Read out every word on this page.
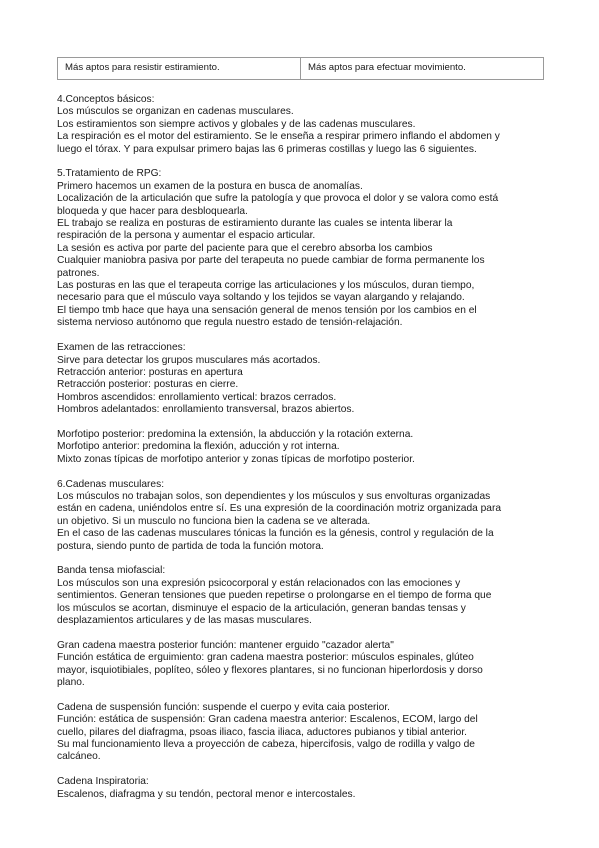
Más aptos para resistir estiramiento.	Más aptos para efectuar movimiento.
4.Conceptos básicos:
Los músculos se organizan en cadenas musculares.
Los estiramientos son siempre activos y globales y de las cadenas musculares.
La respiración es el motor del estiramiento. Se le enseña a respirar primero inflando el abdomen y
luego el tórax. Y para expulsar primero bajas las 6 primeras costillas y luego las 6 siguientes.
5.Tratamiento de RPG:
Primero hacemos un examen de la postura en busca de anomalías.
Localización de la articulación que sufre la patología y que provoca el dolor y se valora como está
bloqueda y que hacer para desbloquearla.
EL trabajo se realiza en posturas de estiramiento durante las cuales se intenta liberar la
respiración de la persona y aumentar el espacio articular.
La sesión es activa por parte del paciente para que el cerebro absorba los cambios
Cualquier maniobra pasiva por parte del terapeuta no puede cambiar de forma permanente los
patrones.
Las posturas en las que el terapeuta corrige las articulaciones y los músculos, duran tiempo,
necesario para que el músculo vaya soltando y los tejidos se vayan alargando y relajando.
El tiempo tmb hace que haya una sensación general de menos tensión por los cambios en el
sistema nervioso autónomo que regula nuestro estado de tensión-relajación.
Examen de las retracciones:
Sirve para detectar los grupos musculares más acortados.
Retracción anterior: posturas en apertura
Retracción posterior: posturas en cierre.
Hombros ascendidos: enrollamiento vertical: brazos cerrados.
Hombros adelantados: enrollamiento transversal, brazos abiertos.
Morfotipo posterior: predomina la extensión, la abducción y la rotación externa.
Morfotipo anterior: predomina la flexión, aducción y rot interna.
Mixto zonas típicas de morfotipo anterior y zonas típicas de morfotipo posterior.
6.Cadenas musculares:
Los músculos no trabajan solos, son dependientes y los músculos y sus envolturas organizadas
están en cadena, uniéndolos entre sí. Es una expresión de la coordinación motriz organizada para
un objetivo. Si un musculo no funciona bien la cadena se ve alterada.
En el caso de las cadenas musculares tónicas la función es la génesis, control y regulación de la
postura, siendo punto de partida de toda la función motora.
Banda tensa miofascial:
Los músculos son una expresión psicocorporal y están relacionados con las emociones y
sentimientos. Generan tensiones que pueden repetirse o prolongarse en el tiempo de forma que
los músculos se acortan, disminuye el espacio de la articulación, generan bandas tensas y
desplazamientos articulares y de las masas musculares.
Gran cadena maestra posterior función: mantener erguido "cazador alerta"
Función estática de erguimiento: gran cadena maestra posterior: músculos espinales, glúteo
mayor, isquiotibiales, poplíteo, sóleo y flexores plantares, si no funcionan hiperlordosis y dorso
plano.
Cadena de suspensión función: suspende el cuerpo y evita caia posterior.
Función: estática de suspensión: Gran cadena maestra anterior: Escalenos, ECOM, largo del
cuello, pilares del diafragma, psoas iliaco, fascia iliaca, aductores pubianos y tibial anterior.
Su mal funcionamiento lleva a proyección de cabeza, hipercifosis, valgo de rodilla y valgo de
calcáneo.
Cadena Inspiratoria:
Escalenos, diafragma y su tendón, pectoral menor e intercostales.
